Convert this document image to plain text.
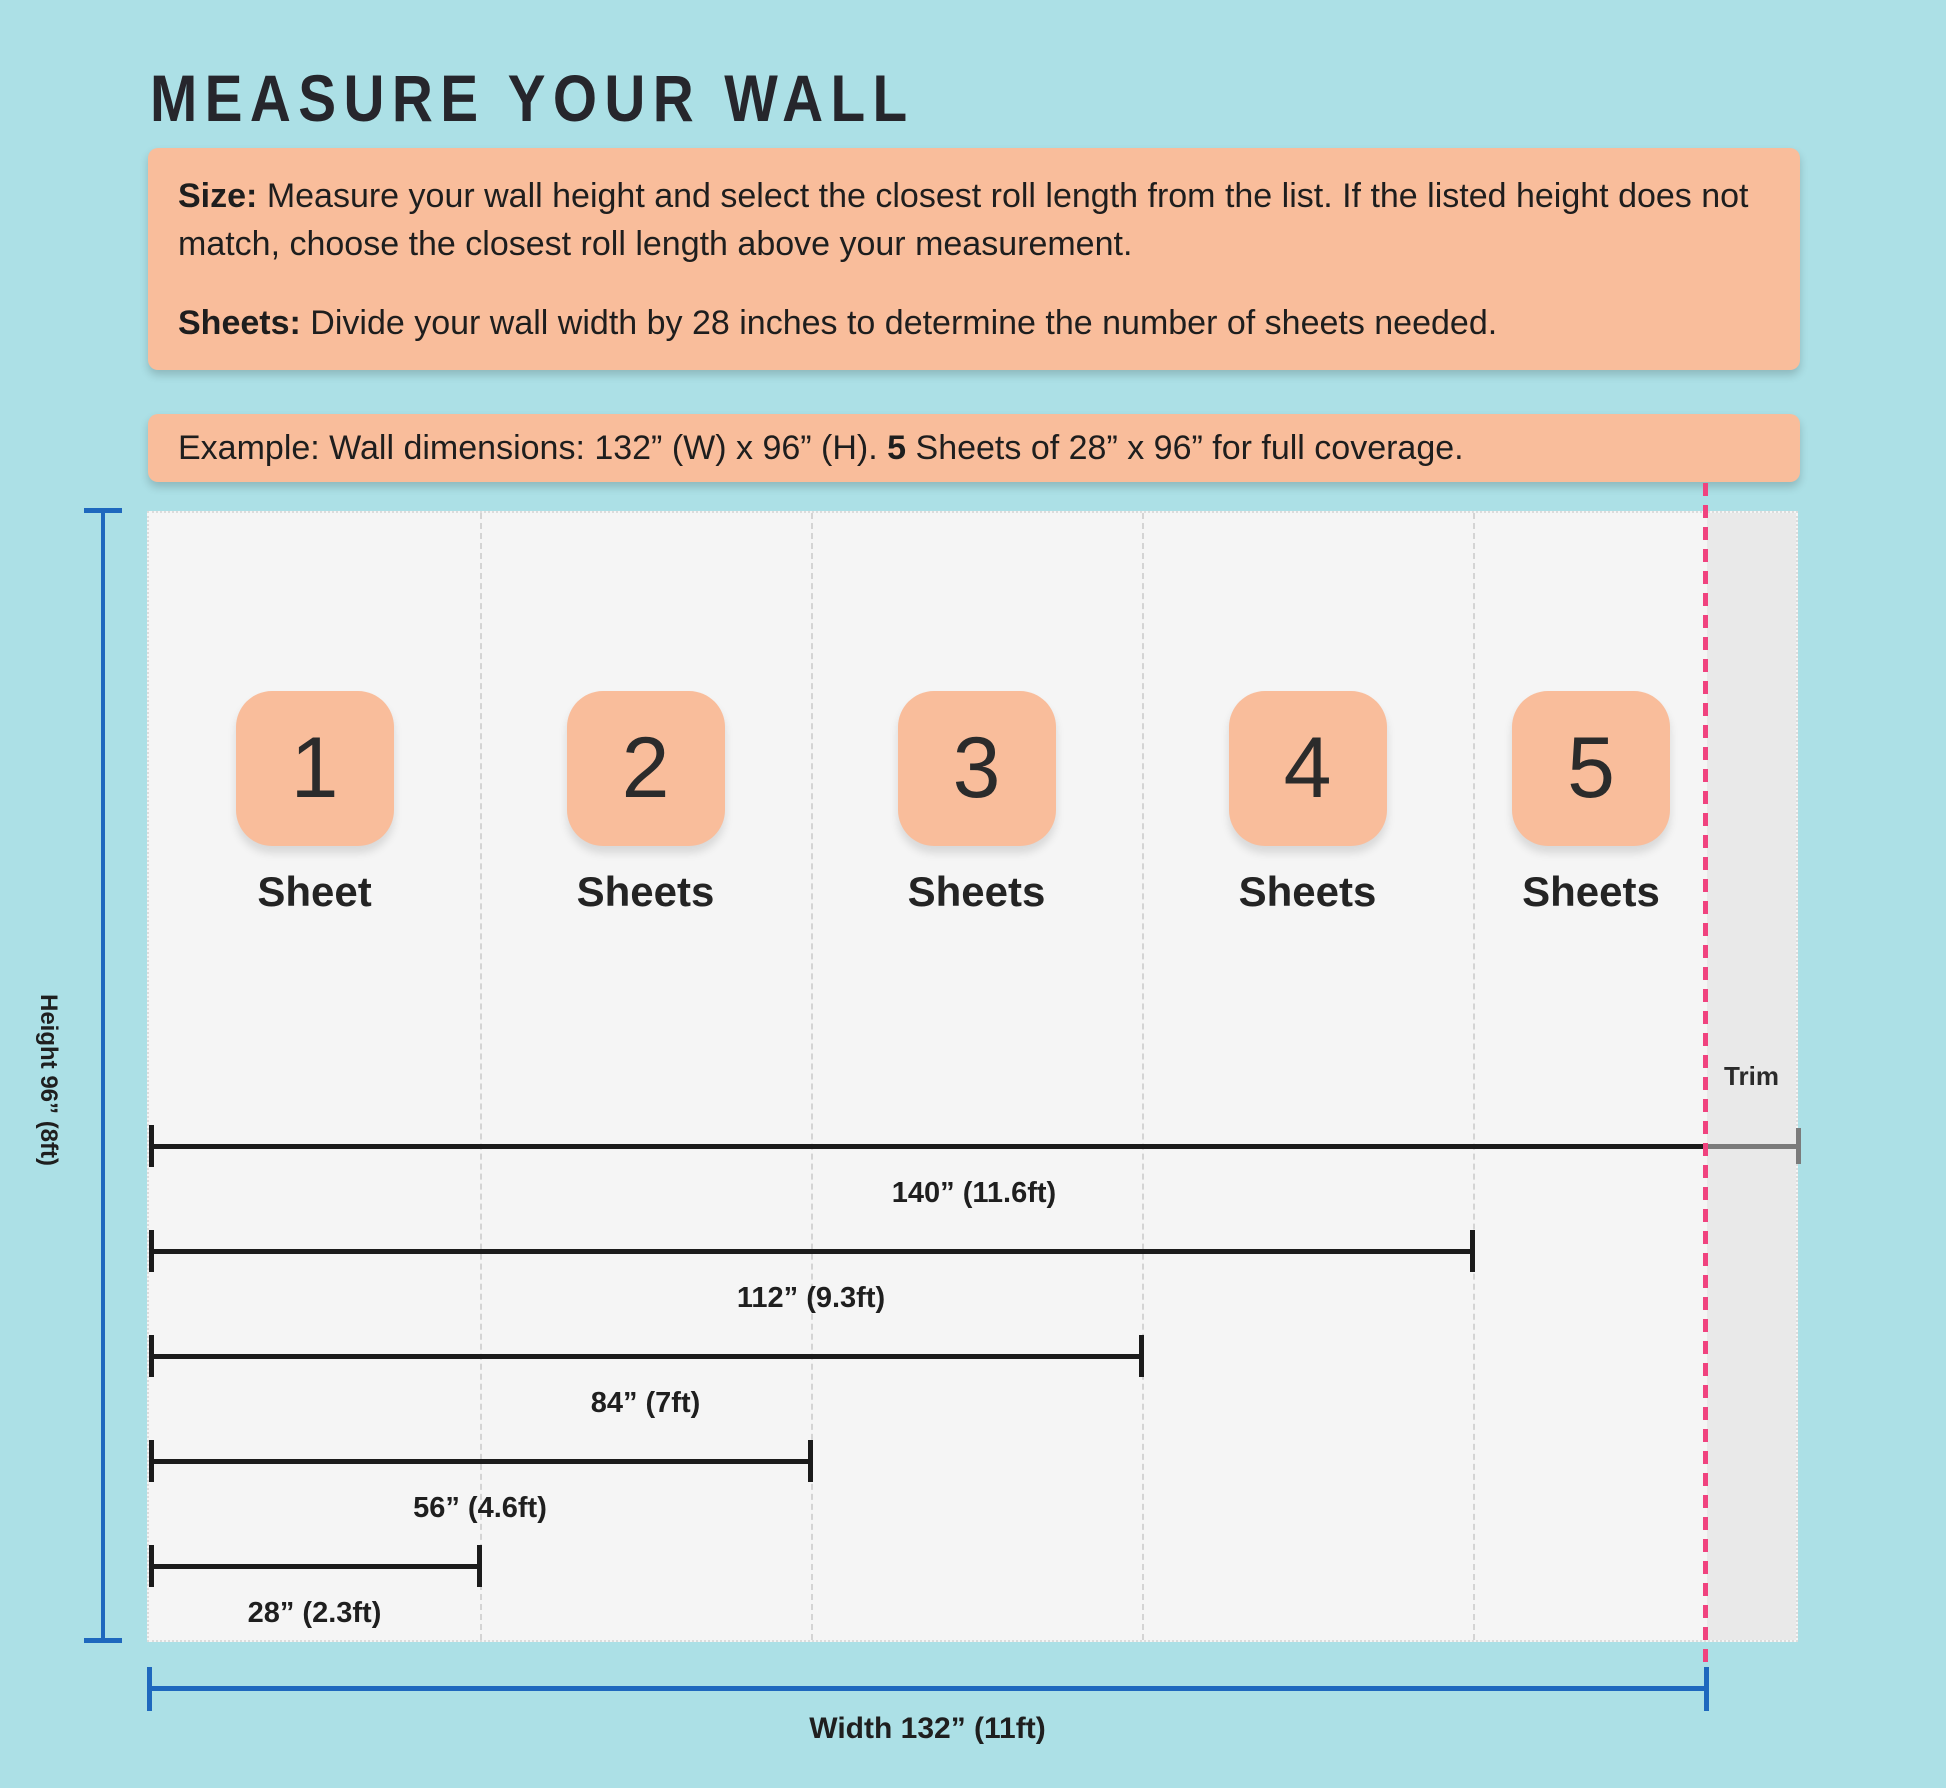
MEASURE YOUR WALL

Size: Measure your wall height and select the closest roll length from the list. If the listed height does not match, choose the closest roll length above your measurement.

Sheets: Divide your wall width by 28 inches to determine the number of sheets needed.

Example: Wall dimensions: 132” (W) x 96” (H). 5 Sheets of 28” x 96” for full coverage.

1
Sheet
2
Sheets
3
Sheets
4
Sheets
5
Sheets
140” (11.6ft)
112” (9.3ft)
84” (7ft)
56” (4.6ft)
28” (2.3ft)
Trim
Height 96” (8ft)
Width 132” (11ft)
